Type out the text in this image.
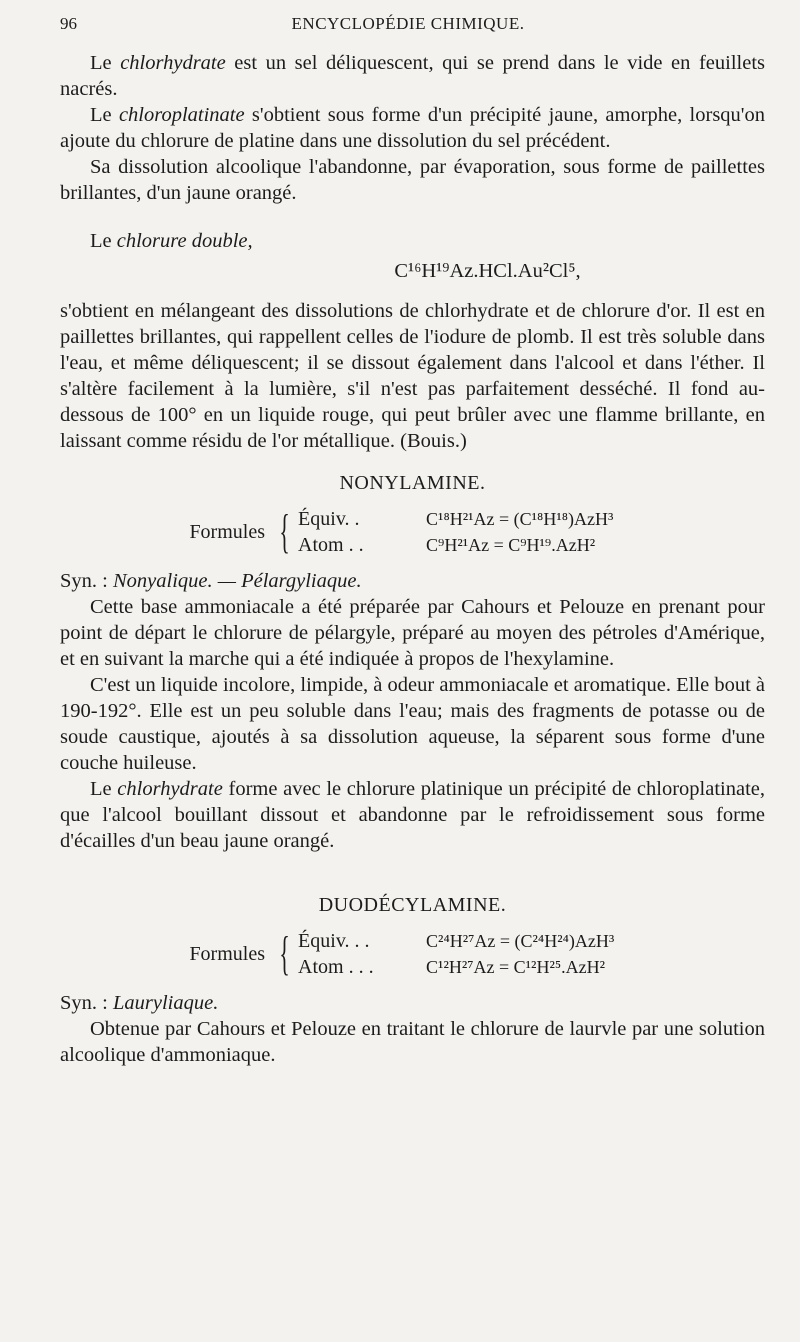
96	ENCYCLOPÉDIE CHIMIQUE.

Le chlorhydrate est un sel déliquescent, qui se prend dans le vide en feuillets nacrés.

Le chloroplatinate s'obtient sous forme d'un précipité jaune, amorphe, lorsqu'on ajoute du chlorure de platine dans une dissolution du sel précédent.

Sa dissolution alcoolique l'abandonne, par évaporation, sous forme de paillettes brillantes, d'un jaune orangé.

Le chlorure double,

C¹⁶H¹⁹Az.HCl.Au²Cl⁵,

s'obtient en mélangeant des dissolutions de chlorhydrate et de chlorure d'or. Il est en paillettes brillantes, qui rappellent celles de l'iodure de plomb. Il est très soluble dans l'eau, et même déliquescent; il se dissout également dans l'alcool et dans l'éther. Il s'altère facilement à la lumière, s'il n'est pas parfaitement desséché. Il fond au-dessous de 100° en un liquide rouge, qui peut brûler avec une flamme brillante, en laissant comme résidu de l'or métallique. (Bouis.)

NONYLAMINE.
Formules { Équiv. .	C¹⁸H²¹Az = (C¹⁸H¹⁸)AzH³
Atom . .	C⁹H²¹Az = C⁹H¹⁹.AzH²

Syn. : Nonyalique. — Pélargyliaque.

Cette base ammoniacale a été préparée par Cahours et Pelouze en prenant pour point de départ le chlorure de pélargyle, préparé au moyen des pétroles d'Amérique, et en suivant la marche qui a été indiquée à propos de l'hexylamine.

C'est un liquide incolore, limpide, à odeur ammoniacale et aromatique. Elle bout à 190-192°. Elle est un peu soluble dans l'eau; mais des fragments de potasse ou de soude caustique, ajoutés à sa dissolution aqueuse, la séparent sous forme d'une couche huileuse.

Le chlorhydrate forme avec le chlorure platinique un précipité de chloroplatinate, que l'alcool bouillant dissout et abandonne par le refroidissement sous forme d'écailles d'un beau jaune orangé.

DUODÉCYLAMINE.
Formules { Équiv. . .	C²⁴H²⁷Az = (C²⁴H²⁴)AzH³
Atom . . .	C¹²H²⁷Az = C¹²H²⁵.AzH²

Syn. : Lauryliaque.

Obtenue par Cahours et Pelouze en traitant le chlorure de laurvle par une solution alcoolique d'ammoniaque.
